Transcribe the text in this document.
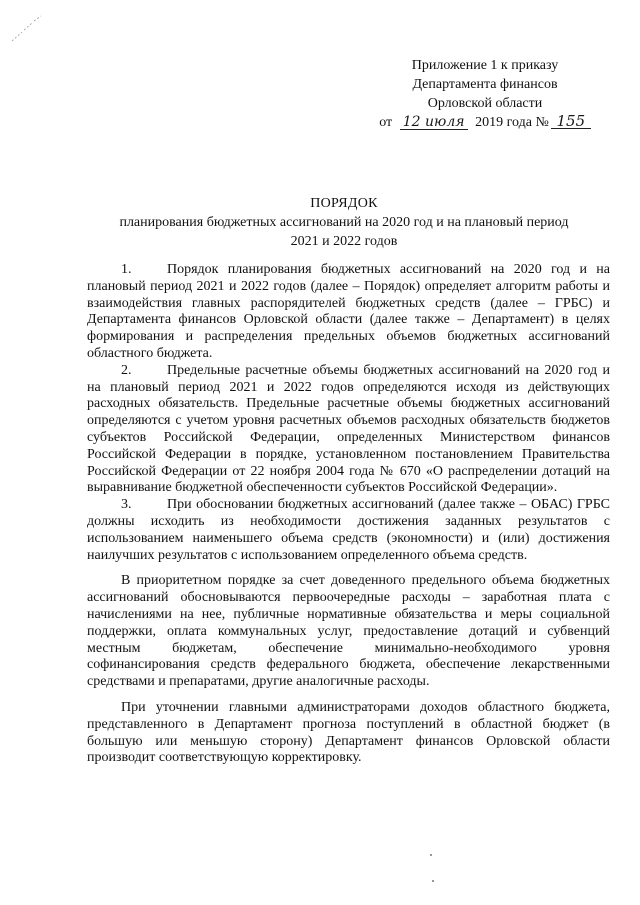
Приложение 1 к приказу
Департамента финансов
Орловской области
от 12 июля 2019 года № 155
ПОРЯДОК
планирования бюджетных ассигнований на 2020 год и на плановый период
2021 и 2022 годов

1.	Порядок планирования бюджетных ассигнований на 2020 год и на плановый период 2021 и 2022 годов (далее – Порядок) определяет алгоритм работы и взаимодействия главных распорядителей бюджетных средств (далее – ГРБС) и Департамента финансов Орловской области (далее также – Департамент) в целях формирования и распределения предельных объемов бюджетных ассигнований областного бюджета.

2.	Предельные расчетные объемы бюджетных ассигнований на 2020 год и на плановый период 2021 и 2022 годов определяются исходя из действующих расходных обязательств. Предельные расчетные объемы бюджетных ассигнований определяются с учетом уровня расчетных объемов расходных обязательств бюджетов субъектов Российской Федерации, определенных Министерством финансов Российской Федерации в порядке, установленном постановлением Правительства Российской Федерации от 22 ноября 2004 года № 670 «О распределении дотаций на выравнивание бюджетной обеспеченности субъектов Российской Федерации».

3.	При обосновании бюджетных ассигнований (далее также – ОБАС) ГРБС должны исходить из необходимости достижения заданных результатов с использованием наименьшего объема средств (экономности) и (или) достижения наилучших результатов с использованием определенного объема средств.

В приоритетном порядке за счет доведенного предельного объема бюджетных ассигнований обосновываются первоочередные расходы – заработная плата с начислениями на нее, публичные нормативные обязательства и меры социальной поддержки, оплата коммунальных услуг, предоставление дотаций и субвенций местным бюджетам, обеспечение минимально-необходимого уровня софинансирования средств федерального бюджета, обеспечение лекарственными средствами и препаратами, другие аналогичные расходы.

При уточнении главными администраторами доходов областного бюджета, представленного в Департамент прогноза поступлений в областной бюджет (в большую или меньшую сторону) Департамент финансов Орловской области производит соответствующую корректировку.
